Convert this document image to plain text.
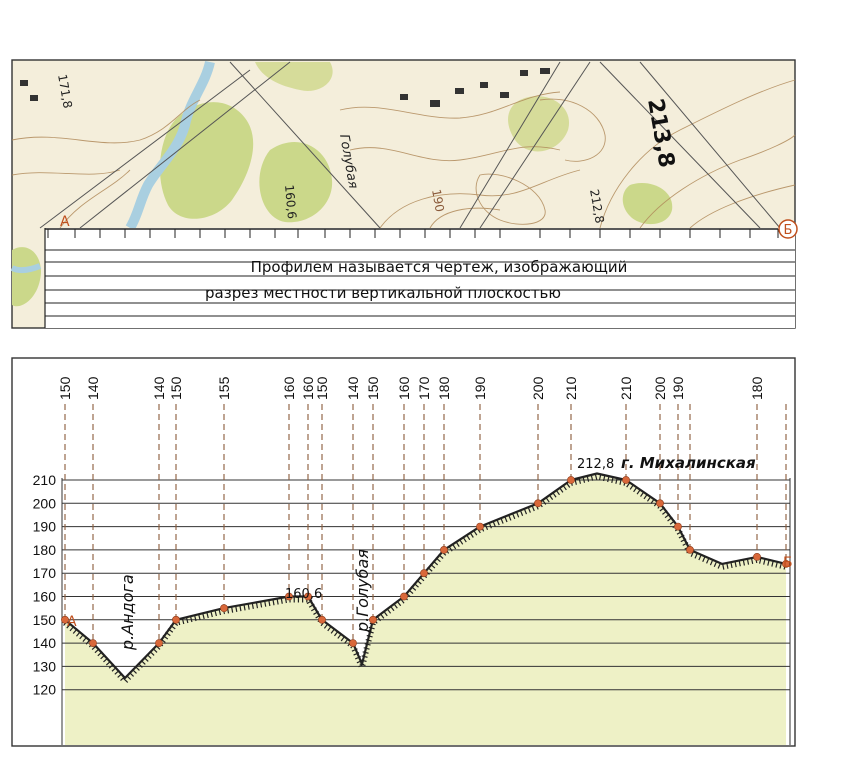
171,8
Голубая
160,6	190	212,8
213,8
А
Б
Профилем называется чертеж, изображающий
разрез местности вертикальной плоскостью
210
200
190
180
170
160
150
140
130
120
150 140	140 150 155	160 160
150 140 150 160 170 180 190	200 210	210 200 190	180
А
Б
р.Андога	р.Голубая
160,6
212,8 г. Михалинская
